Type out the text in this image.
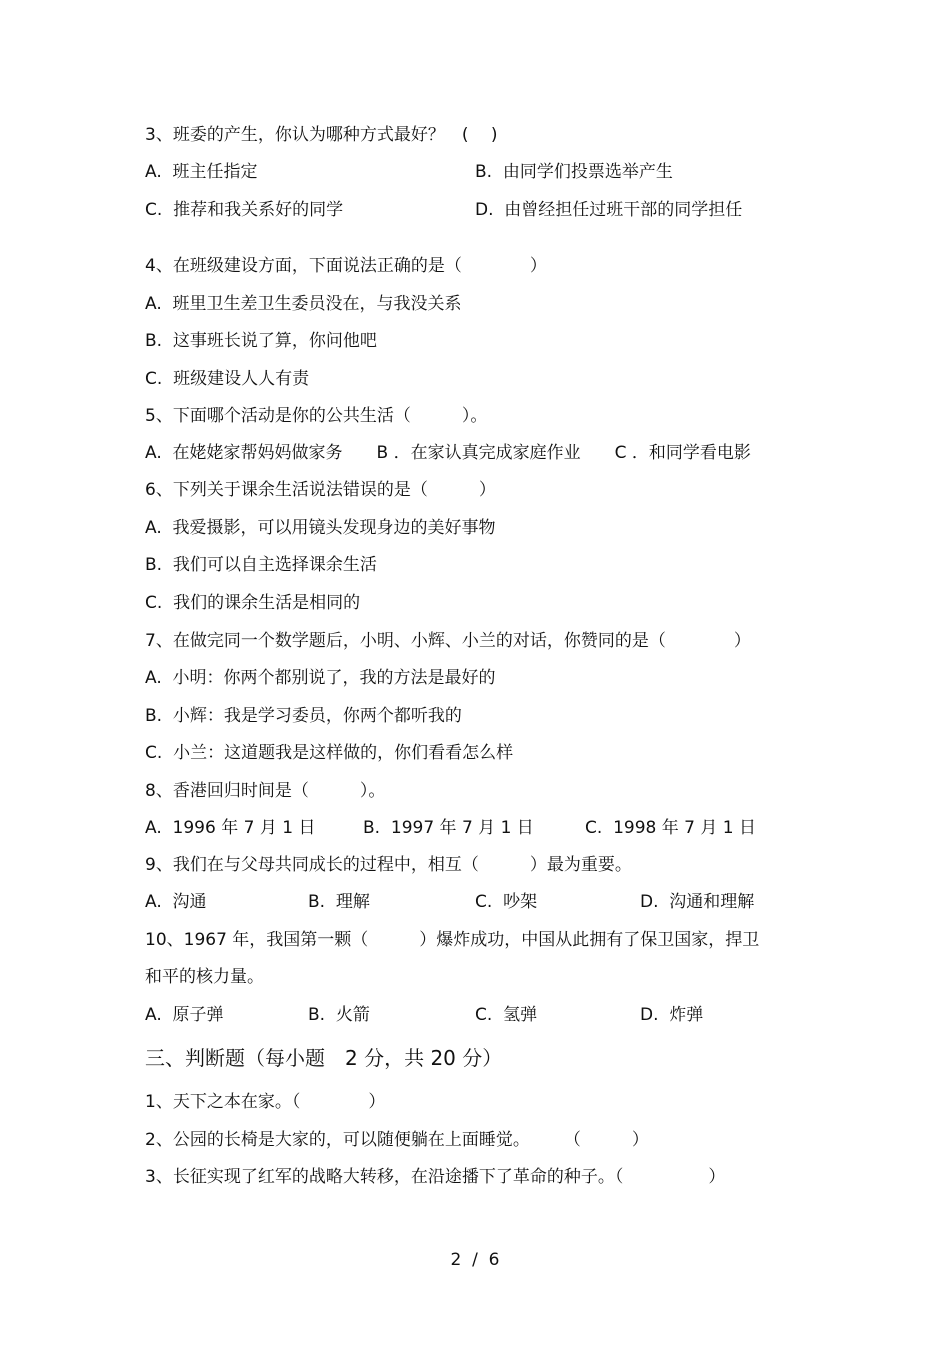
3、班委的产生，你认为哪种方式最好？　(　 )
A.  班主任指定	B.  由同学们投票选举产生
C.  推荐和我关系好的同学	D.  由曾经担任过班干部的同学担任
4、在班级建设方面，下面说法正确的是（　　　　）
A.  班里卫生差卫生委员没在，与我没关系
B.  这事班长说了算，你问他吧
C.  班级建设人人有责
5、下面哪个活动是你的公共生活（　　　）。
A.  在姥姥家帮妈妈做家务　　B ．在家认真完成家庭作业　　C ．和同学看电影
6、下列关于课余生活说法错误的是（　　　）
A.  我爱摄影，可以用镜头发现身边的美好事物
B.  我们可以自主选择课余生活
C.  我们的课余生活是相同的
7、在做完同一个数学题后，小明、小辉、小兰的对话，你赞同的是（　　　　）
A.  小明：你两个都别说了，我的方法是最好的
B.  小辉：我是学习委员，你两个都听我的
C.  小兰：这道题我是这样做的，你们看看怎么样
8、香港回归时间是（　　　）。
A.  1996 年 7 月 1 日	B.  1997 年 7 月 1 日	C.  1998 年 7 月 1 日
9、我们在与父母共同成长的过程中，相互（　　　）最为重要。
A.  沟通	B.  理解	C.  吵架	D.  沟通和理解
10、1967 年，我国第一颗（　　　）爆炸成功，中国从此拥有了保卫国家，捍卫
和平的核力量。
A.  原子弹	B.  火箭	C.  氢弹	D.  炸弹
三、判断题（每小题　2 分，共 20 分）
1、天下之本在家。（　　　　）
2、公园的长椅是大家的，可以随便躺在上面睡觉。　　　（　　　）
3、长征实现了红军的战略大转移，在沿途播下了革命的种子。（　　　　　）
2  /  6
